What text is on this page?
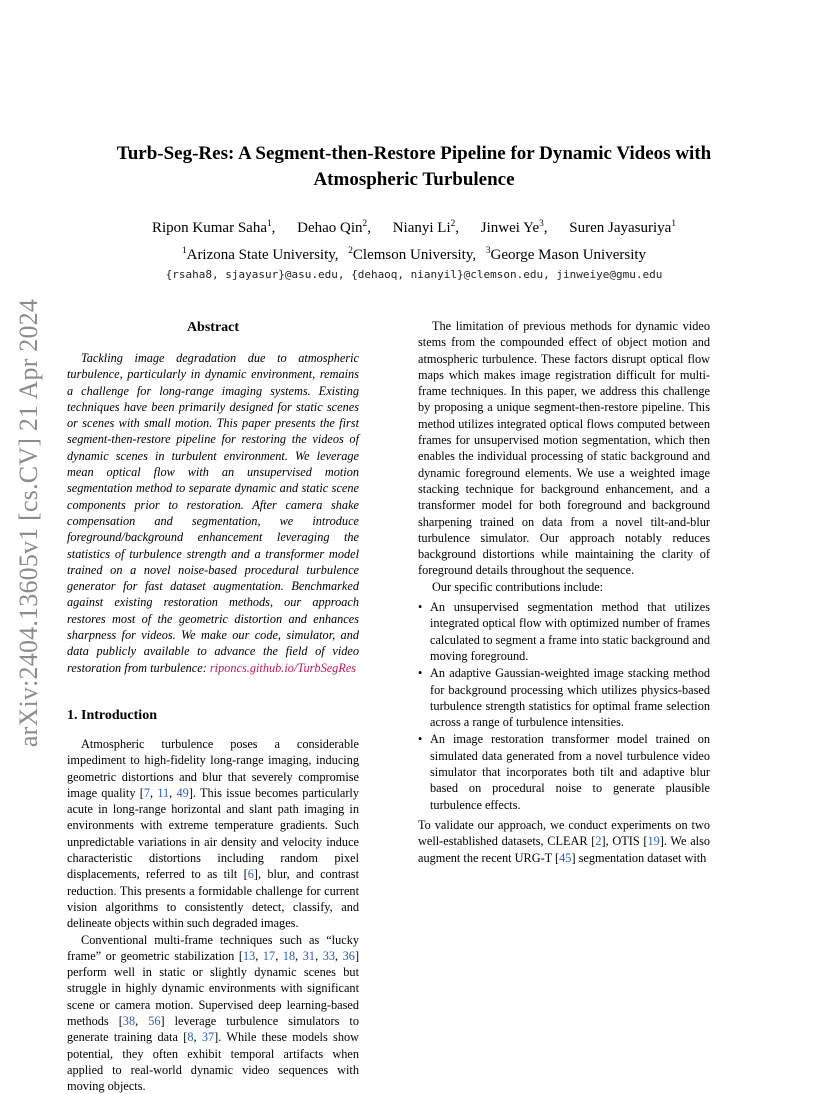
arXiv:2404.13605v1 [cs.CV] 21 Apr 2024
Turb-Seg-Res: A Segment-then-Restore Pipeline for Dynamic Videos with
Atmospheric Turbulence
Ripon Kumar Saha$^1$, Dehao Qin$^2$, Nianyi Li$^2$, Jinwei Ye$^3$, Suren Jayasuriya$^1$
$^1$Arizona State University, $^2$Clemson University, $^3$George Mason University
{rsaha8, sjayasur}@asu.edu, {dehaoq, nianyil}@clemson.edu, jinweiye@gmu.edu
Abstract

Tackling image degradation due to atmospheric turbulence, particularly in dynamic environment, remains a challenge for long-range imaging systems. Existing techniques have been primarily designed for static scenes or scenes with small motion. This paper presents the first segment-then-restore pipeline for restoring the videos of dynamic scenes in turbulent environment. We leverage mean optical flow with an unsupervised motion segmentation method to separate dynamic and static scene components prior to restoration. After camera shake compensation and segmentation, we introduce foreground/background enhancement leveraging the statistics of turbulence strength and a transformer model trained on a novel noise-based procedural turbulence generator for fast dataset augmentation. Benchmarked against existing restoration methods, our approach restores most of the geometric distortion and enhances sharpness for videos. We make our code, simulator, and data publicly available to advance the field of video restoration from turbulence: riponcs.github.io/TurbSegRes

1. Introduction

Atmospheric turbulence poses a considerable impediment to high-fidelity long-range imaging, inducing geometric distortions and blur that severely compromise image quality [7, 11, 49]. This issue becomes particularly acute in long-range horizontal and slant path imaging in environments with extreme temperature gradients. Such unpredictable variations in air density and velocity induce characteristic distortions including random pixel displacements, referred to as tilt [6], blur, and contrast reduction. This presents a formidable challenge for current vision algorithms to consistently detect, classify, and delineate objects within such degraded images.

Conventional multi-frame techniques such as “lucky frame” or geometric stabilization [13, 17, 18, 31, 33, 36] perform well in static or slightly dynamic scenes but struggle in highly dynamic environments with significant scene or camera motion. Supervised deep learning-based methods [38, 56] leverage turbulence simulators to generate training data [8, 37]. While these models show potential, they often exhibit temporal artifacts when applied to real-world dynamic video sequences with moving objects.

The limitation of previous methods for dynamic video stems from the compounded effect of object motion and atmospheric turbulence. These factors disrupt optical flow maps which makes image registration difficult for multi-frame techniques. In this paper, we address this challenge by proposing a unique segment-then-restore pipeline. This method utilizes integrated optical flows computed between frames for unsupervised motion segmentation, which then enables the individual processing of static background and dynamic foreground elements. We use a weighted image stacking technique for background enhancement, and a transformer model for both foreground and background sharpening trained on data from a novel tilt-and-blur turbulence simulator. Our approach notably reduces background distortions while maintaining the clarity of foreground details throughout the sequence.

Our specific contributions include:

• An unsupervised segmentation method that utilizes integrated optical flow with optimized number of frames calculated to segment a frame into static background and moving foreground.
• An adaptive Gaussian-weighted image stacking method for background processing which utilizes physics-based turbulence strength statistics for optimal frame selection across a range of turbulence intensities.
• An image restoration transformer model trained on simulated data generated from a novel turbulence video simulator that incorporates both tilt and adaptive blur based on procedural noise to generate plausible turbulence effects.

To validate our approach, we conduct experiments on two well-established datasets, CLEAR [2], OTIS [19]. We also augment the recent URG-T [45] segmentation dataset with
